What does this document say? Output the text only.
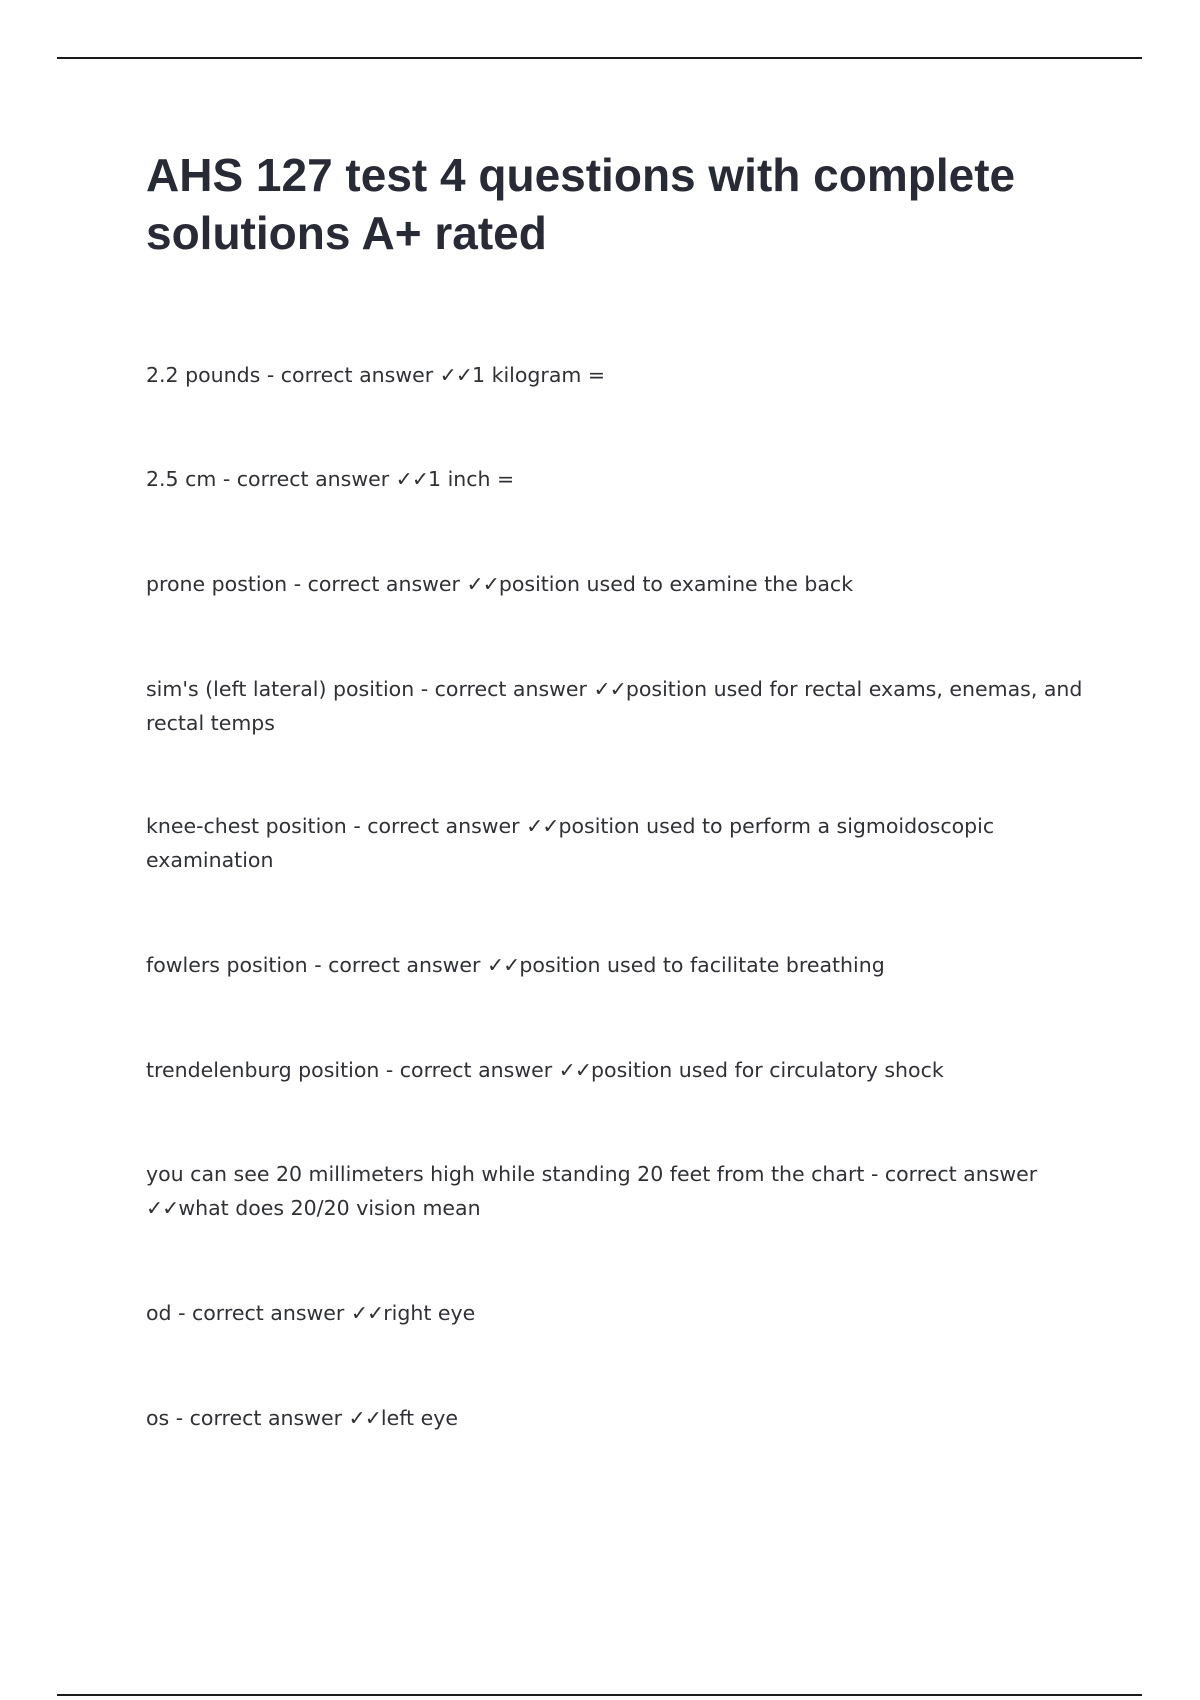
AHS 127 test 4 questions with complete solutions A+ rated
2.2 pounds - correct answer ✓✓1 kilogram =
2.5 cm - correct answer ✓✓1 inch =
prone postion - correct answer ✓✓position used to examine the back
sim's (left lateral) position - correct answer ✓✓position used for rectal exams, enemas, and rectal temps
knee-chest position - correct answer ✓✓position used to perform a sigmoidoscopic examination
fowlers position - correct answer ✓✓position used to facilitate breathing
trendelenburg position - correct answer ✓✓position used for circulatory shock
you can see 20 millimeters high while standing 20 feet from the chart - correct answer ✓✓what does 20/20 vision mean
od - correct answer ✓✓right eye
os - correct answer ✓✓left eye
